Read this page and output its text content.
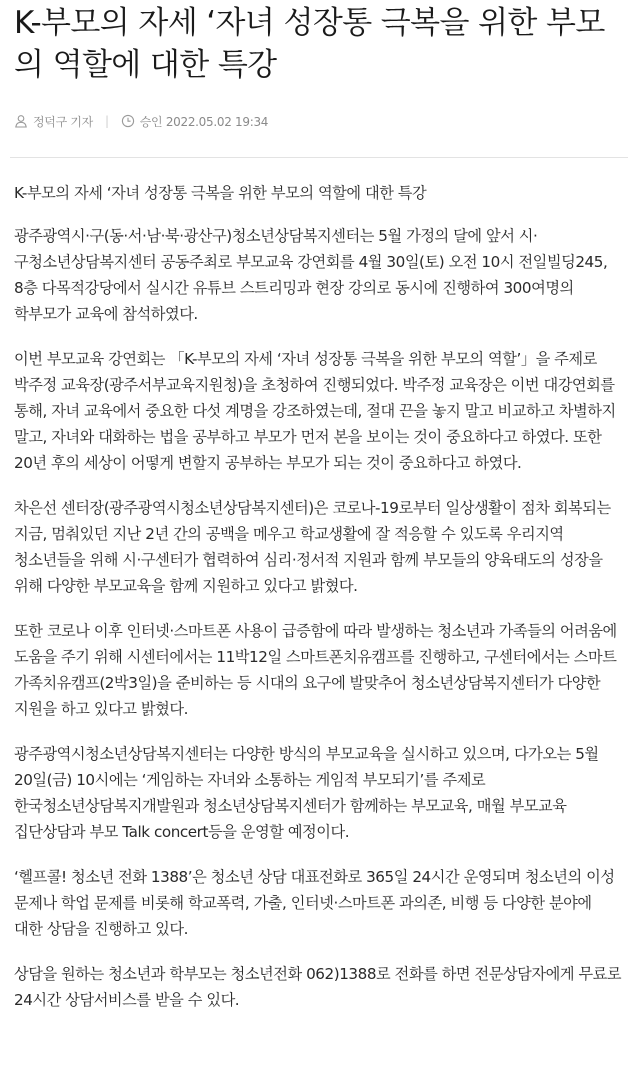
K-부모의 자세 ‘자녀 성장통 극복을 위한 부모의 역할에 대한 특강
정덕구 기자 |	승인 2022.05.02 19:34

K-부모의 자세 ‘자녀 성장통 극복을 위한 부모의 역할에 대한 특강

광주광역시·구(동·서·남·북·광산구)청소년상담복지센터는 5월 가정의 달에 앞서 시·구청소년상담복지센터 공동주최로 부모교육 강연회를 4월 30일(토) 오전 10시 전일빌딩245, 8층 다목적강당에서 실시간 유튜브 스트리밍과 현장 강의로 동시에 진행하여 300여명의 학부모가 교육에 참석하였다.

이번 부모교육 강연회는 「K-부모의 자세 ‘자녀 성장통 극복을 위한 부모의 역할’」을 주제로 박주정 교육장(광주서부교육지원청)을 초청하여 진행되었다. 박주정 교육장은 이번 대강연회를 통해, 자녀 교육에서 중요한 다섯 계명을 강조하였는데, 절대 끈을 놓지 말고 비교하고 차별하지 말고, 자녀와 대화하는 법을 공부하고 부모가 먼저 본을 보이는 것이 중요하다고 하였다. 또한 20년 후의 세상이 어떻게 변할지 공부하는 부모가 되는 것이 중요하다고 하였다.

차은선 센터장(광주광역시청소년상담복지센터)은 코로나-19로부터 일상생활이 점차 회복되는 지금, 멈춰있던 지난 2년 간의 공백을 메우고 학교생활에 잘 적응할 수 있도록 우리지역 청소년들을 위해 시·구센터가 협력하여 심리·정서적 지원과 함께 부모들의 양육태도의 성장을 위해 다양한 부모교육을 함께 지원하고 있다고 밝혔다.

또한 코로나 이후 인터넷·스마트폰 사용이 급증함에 따라 발생하는 청소년과 가족들의 어려움에 도움을 주기 위해 시센터에서는 11박12일 스마트폰치유캠프를 진행하고, 구센터에서는 스마트 가족치유캠프(2박3일)을 준비하는 등 시대의 요구에 발맞추어 청소년상담복지센터가 다양한 지원을 하고 있다고 밝혔다.

광주광역시청소년상담복지센터는 다양한 방식의 부모교육을 실시하고 있으며, 다가오는 5월 20일(금) 10시에는 ‘게임하는 자녀와 소통하는 게임적 부모되기’를 주제로 한국청소년상담복지개발원과 청소년상담복지센터가 함께하는 부모교육, 매월 부모교육 집단상담과 부모 Talk concert등을 운영할 예정이다.

‘헬프콜! 청소년 전화 1388’은 청소년 상담 대표전화로 365일 24시간 운영되며 청소년의 이성 문제나 학업 문제를 비롯해 학교폭력, 가출, 인터넷·스마트폰 과의존, 비행 등 다양한 분야에 대한 상담을 진행하고 있다.

상담을 원하는 청소년과 학부모는 청소년전화 062)1388로 전화를 하면 전문상담자에게 무료로 24시간 상담서비스를 받을 수 있다.
